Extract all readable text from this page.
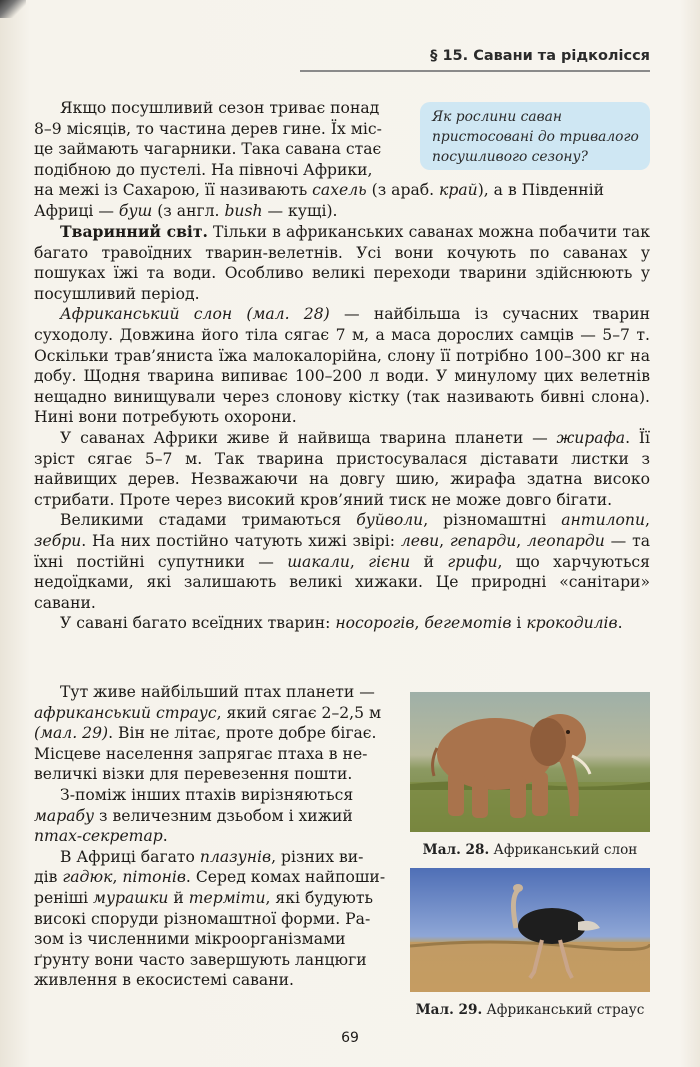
§ 15. Савани та рідколісся
Як рослини саван пристосовані до тривалого посушливого сезону?

Якщо посушливий сезон триває понад

8–9 місяців, то частина дерев гине. Їх міс-
це займають чагарники. Така савана стає
подібною до пустелі. На півночі Африки,
на межі із Сахарою, її називають сахель (з араб. край), а в Південній
Африці — буш (з англ. bush — кущі).

Тваринний світ. Тільки в африканських саванах можна побачити так багато травоїдних тварин-велетнів. Усі вони кочують по саванах у пошуках їжі та води. Особливо великі переходи тварини здійснюють у посушливий період.

Африканський слон (мал. 28) — найбільша із сучасних тварин суходолу. Довжина його тіла сягає 7 м, а маса дорослих самців — 5–7 т. Оскільки трав’яниста їжа малокалорійна, слону її потрібно 100–300 кг на добу. Щодня тварина випиває 100–200 л води. У минулому цих велетнів нещадно винищували через слонову кістку (так називають бивні слона). Нині вони потребують охорони.

У саванах Африки живе й найвища тварина планети — жирафа. Її зріст сягає 5–7 м. Так тварина пристосувалася діставати листки з найвищих дерев. Незважаючи на довгу шию, жирафа здатна високо стрибати. Проте через високий кров’яний тиск не може довго бігати.

Великими стадами тримаються буйволи, різномаштні антилопи, зебри. На них постійно чатують хижі звірі: леви, гепарди, леопарди — та їхні постійні супутники — шакали, гієни й грифи, що харчуються недоїдками, які залишають великі хижаки. Це природні «санітари» савани.

У савані багато всеїдних тварин: носорогів, бегемотів і крокодилів.

Тут живе найбільший птах планети —

африканський страус, який сягає 2–2,5 м
(мал. 29). Він не літає, проте добре бігає.
Місцеве населення запрягає птаха в не-
величкі візки для перевезення пошти.

З-поміж інших птахів вирізняються

марабу з величезним дзьобом і хижий
птах-секретар.

В Африці багато плазунів, різних ви-

дів гадюк, пітонів. Серед комах найпоши-
реніші мурашки й терміти, які будують
високі споруди різномаштної форми. Ра-
зом із численними мікроорганізмами
ґрунту вони часто завершують ланцюги
живлення в екосистемі савани.
Мал. 28. Африканський слон
Мал. 29. Африканський страус
69
